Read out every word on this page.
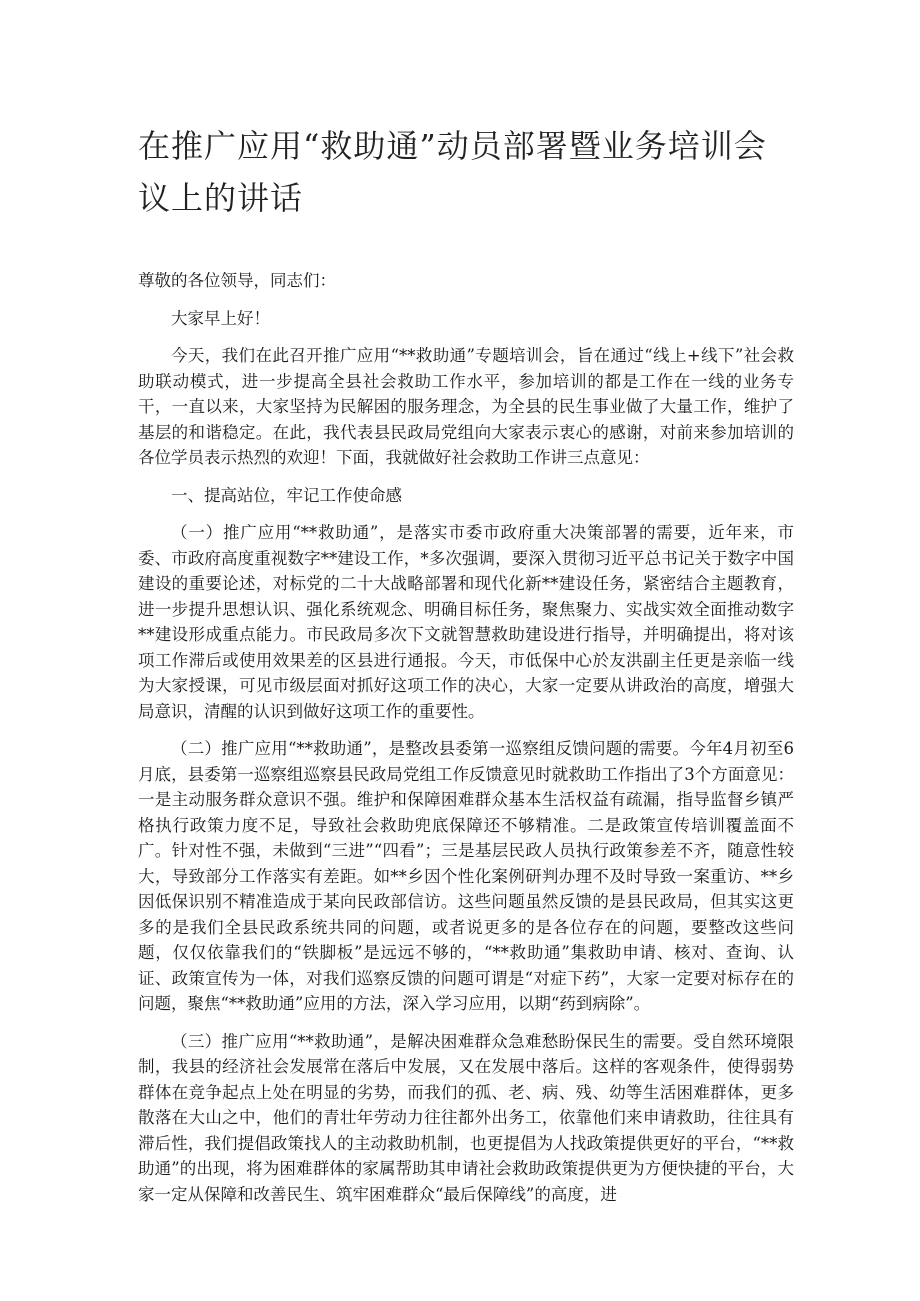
在推广应用“救助通”动员部署暨业务培训会议上的讲话

尊敬的各位领导，同志们：

大家早上好！

今天，我们在此召开推广应用“**救助通”专题培训会，旨在通过“线上+线下”社会救助联动模式，进一步提高全县社会救助工作水平，参加培训的都是工作在一线的业务专干，一直以来，大家坚持为民解困的服务理念，为全县的民生事业做了大量工作，维护了基层的和谐稳定。在此，我代表县民政局党组向大家表示衷心的感谢，对前来参加培训的各位学员表示热烈的欢迎！下面，我就做好社会救助工作讲三点意见：

一、提高站位，牢记工作使命感

（一）推广应用“**救助通”，是落实市委市政府重大决策部署的需要，近年来，市委、市政府高度重视数字**建设工作，*多次强调，要深入贯彻习近平总书记关于数字中国建设的重要论述，对标党的二十大战略部署和现代化新**建设任务，紧密结合主题教育，进一步提升思想认识、强化系统观念、明确目标任务，聚焦聚力、实战实效全面推动数字**建设形成重点能力。市民政局多次下文就智慧救助建设进行指导，并明确提出，将对该项工作滞后或使用效果差的区县进行通报。今天，市低保中心於友洪副主任更是亲临一线为大家授课，可见市级层面对抓好这项工作的决心，大家一定要从讲政治的高度，增强大局意识，清醒的认识到做好这项工作的重要性。

（二）推广应用“**救助通”，是整改县委第一巡察组反馈问题的需要。今年4月初至6月底，县委第一巡察组巡察县民政局党组工作反馈意见时就救助工作指出了3个方面意见：一是主动服务群众意识不强。维护和保障困难群众基本生活权益有疏漏，指导监督乡镇严格执行政策力度不足，导致社会救助兜底保障还不够精准。二是政策宣传培训覆盖面不广。针对性不强，未做到“三进”“四看”；三是基层民政人员执行政策参差不齐，随意性较大，导致部分工作落实有差距。如**乡因个性化案例研判办理不及时导致一案重访、**乡因低保识别不精准造成于某向民政部信访。这些问题虽然反馈的是县民政局，但其实这更多的是我们全县民政系统共同的问题，或者说更多的是各位存在的问题，要整改这些问题，仅仅依靠我们的“铁脚板”是远远不够的，“**救助通”集救助申请、核对、查询、认证、政策宣传为一体，对我们巡察反馈的问题可谓是“对症下药”，大家一定要对标存在的问题，聚焦“**救助通”应用的方法，深入学习应用，以期“药到病除”。

（三）推广应用“**救助通”，是解决困难群众急难愁盼保民生的需要。受自然环境限制，我县的经济社会发展常在落后中发展，又在发展中落后。这样的客观条件，使得弱势群体在竞争起点上处在明显的劣势，而我们的孤、老、病、残、幼等生活困难群体，更多散落在大山之中，他们的青壮年劳动力往往都外出务工，依靠他们来申请救助，往往具有滞后性，我们提倡政策找人的主动救助机制，也更提倡为人找政策提供更好的平台，“**救助通”的出现，将为困难群体的家属帮助其申请社会救助政策提供更为方便快捷的平台，大家一定从保障和改善民生、筑牢困难群众“最后保障线”的高度，进
